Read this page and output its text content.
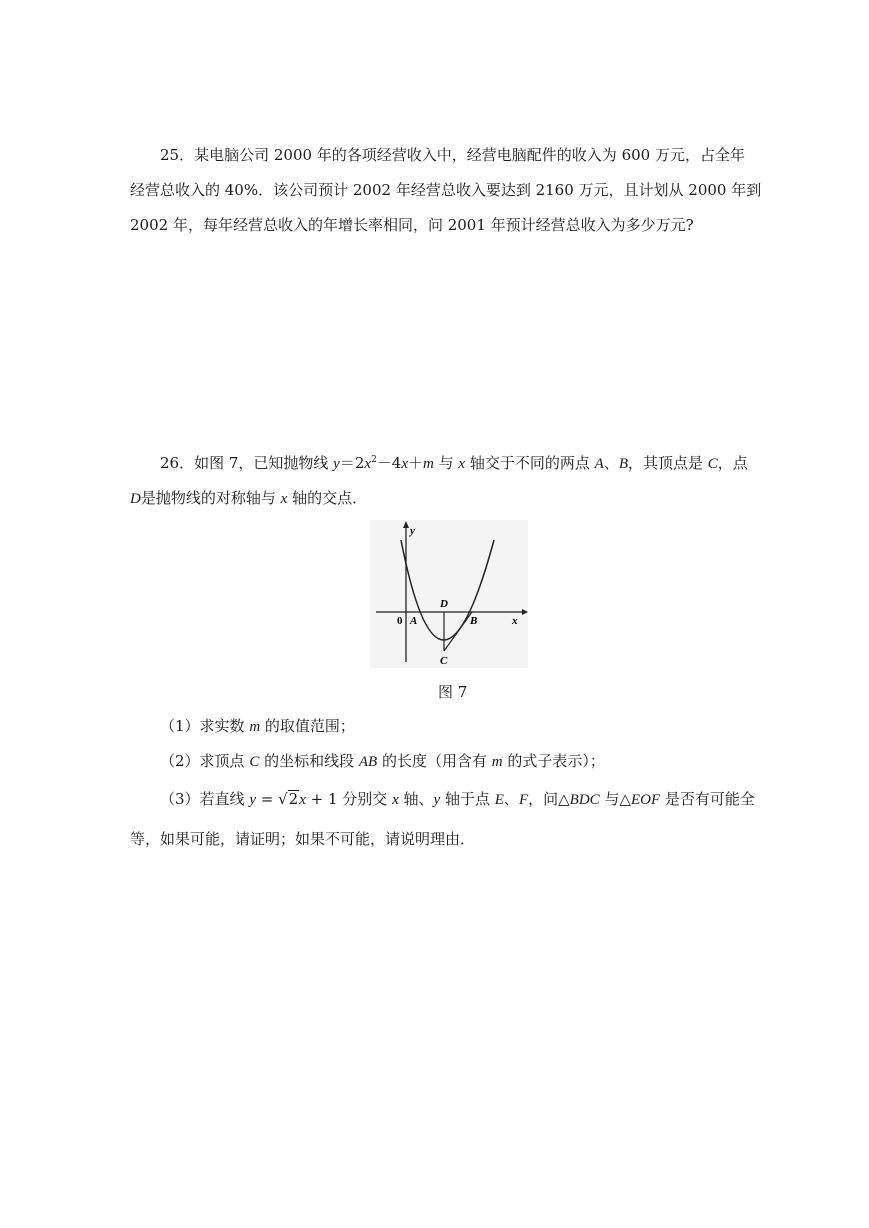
25．某电脑公司 2000 年的各项经营收入中，经营电脑配件的收入为 600 万元，占全年
经营总收入的 40%．该公司预计 2002 年经营总收入要达到 2160 万元，且计划从 2000 年到
2002 年，每年经营总收入的年增长率相同，问 2001 年预计经营总收入为多少万元?
26．如图 7，已知抛物线 $y=2x^2-4x+m$ 与 x 轴交于不同的两点 A、B，其顶点是 C，点
D是抛物线的对称轴与 x 轴的交点．
y
x
0 A	B
C
D
图 7
（1）求实数 m 的取值范围；
（2）求顶点 C 的坐标和线段 AB 的长度（用含有 m 的式子表示）；
（3）若直线 y = √2x + 1 分别交 x 轴、y 轴于点 E、F，问△BDC 与△EOF 是否有可能全
等，如果可能，请证明；如果不可能，请说明理由．
